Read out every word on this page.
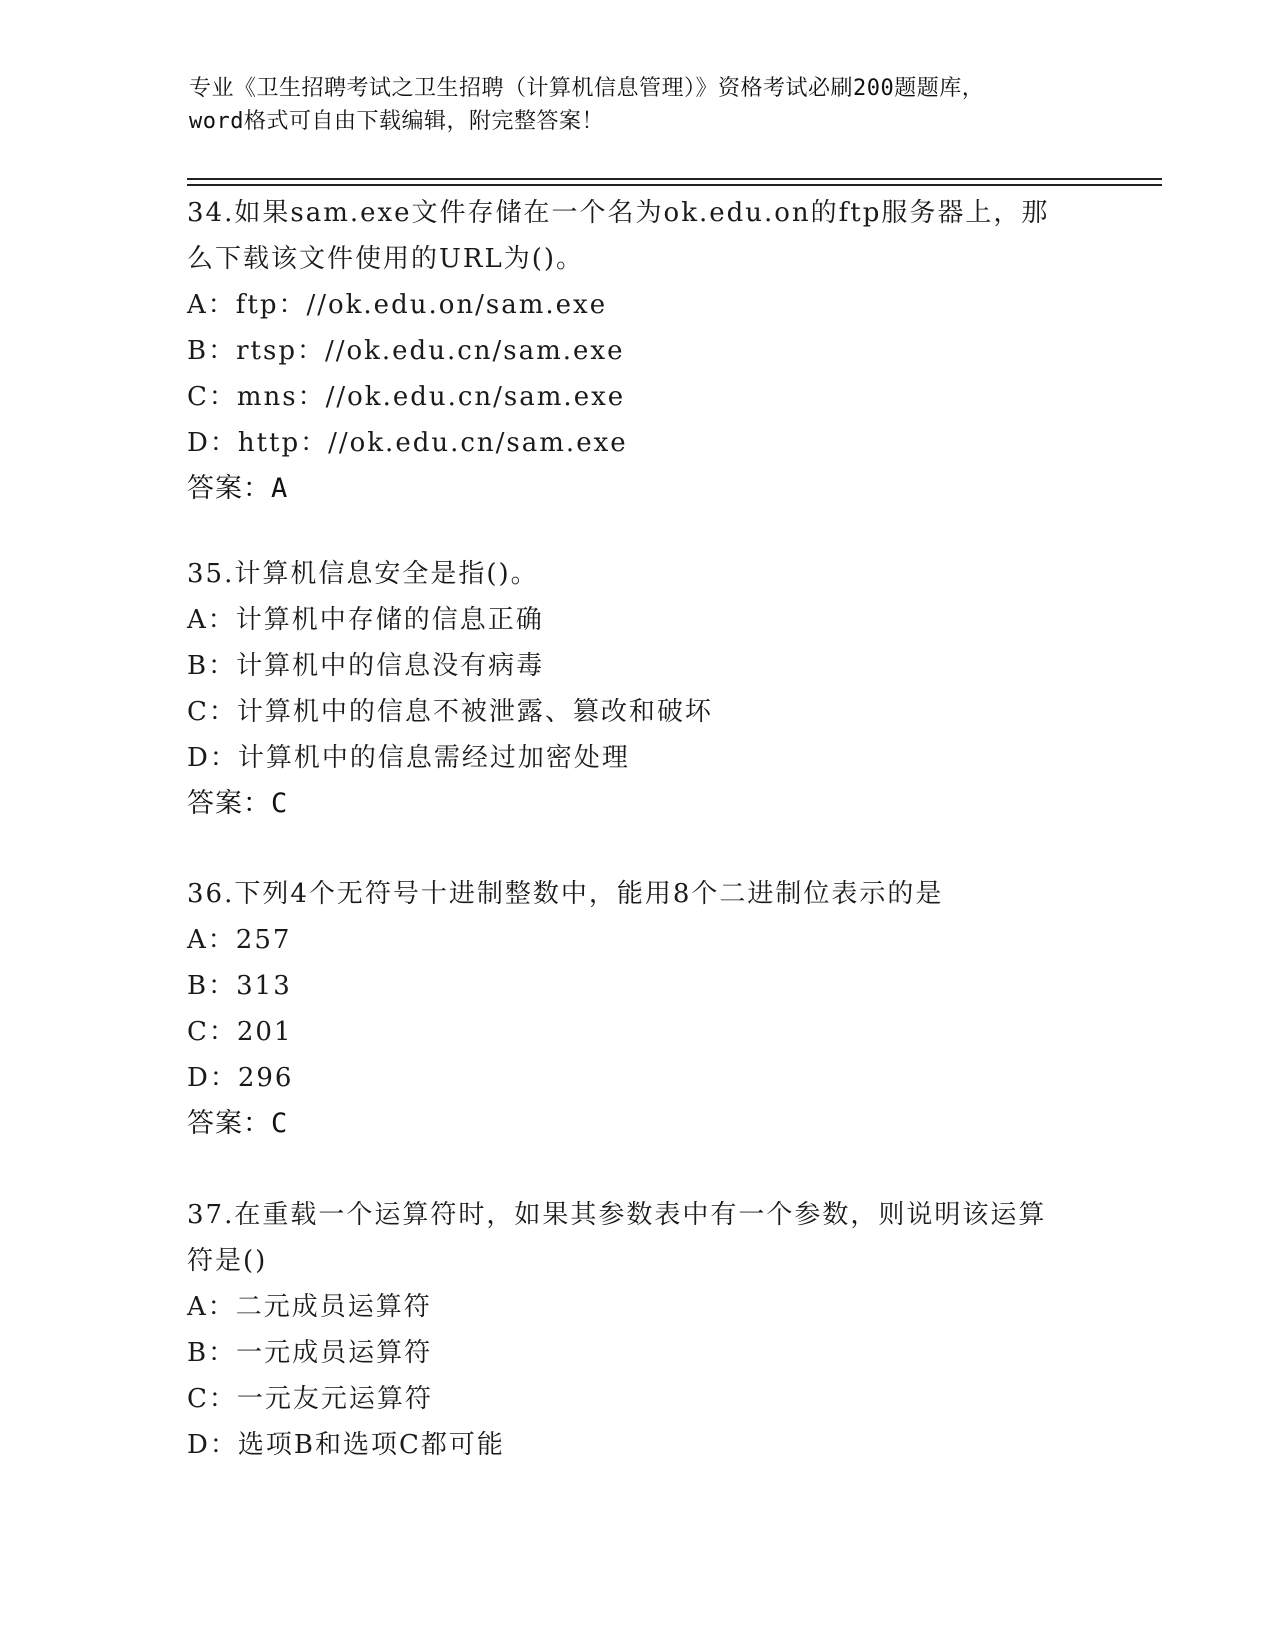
专业《卫生招聘考试之卫生招聘（计算机信息管理）》资格考试必刷200题题库，
word格式可自由下载编辑，附完整答案！
34.如果sam.exe文件存储在一个名为ok.edu.on的ftp服务器上，那
么下载该文件使用的URL为()。
A：ftp：//ok.edu.on/sam.exe
B：rtsp：//ok.edu.cn/sam.exe
C：mns：//ok.edu.cn/sam.exe
D：http：//ok.edu.cn/sam.exe
答案：A
35.计算机信息安全是指()。
A：计算机中存储的信息正确
B：计算机中的信息没有病毒
C：计算机中的信息不被泄露、篡改和破坏
D：计算机中的信息需经过加密处理
答案：C
36.下列4个无符号十进制整数中，能用8个二进制位表示的是
A：257
B：313
C：201
D：296
答案：C
37.在重载一个运算符时，如果其参数表中有一个参数，则说明该运算
符是()
A：二元成员运算符
B：一元成员运算符
C：一元友元运算符
D：选项B和选项C都可能
